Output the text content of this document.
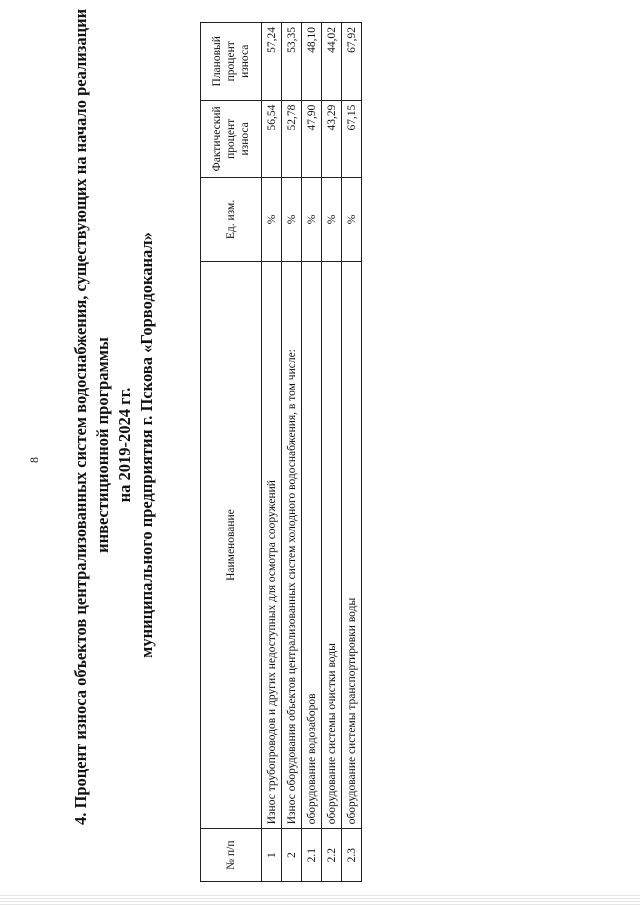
8 4. Процент износа объектов централизованных систем водоснабжения, существующих на начало реализации инвестиционной программы на 2019-2024 гг. муниципального предприятия г. Пскова «Горводоканал»
№ п/п	Наименование	Ед. изм.	Фактический процент износа	Плановый процент износа
1	Износ трубопроводов и других недоступных для осмотра сооружений	%	56,54	57,24
2	Износ оборудования объектов централизованных систем холодного водоснабжения, в том числе:	%	52,78	53,35
2.1	оборудование водозаборов	%	47,90	48,10
2.2	оборудование системы очистки воды	%	43,29	44,02
2.3	оборудование системы транспортировки воды	%	67,15	67,92
